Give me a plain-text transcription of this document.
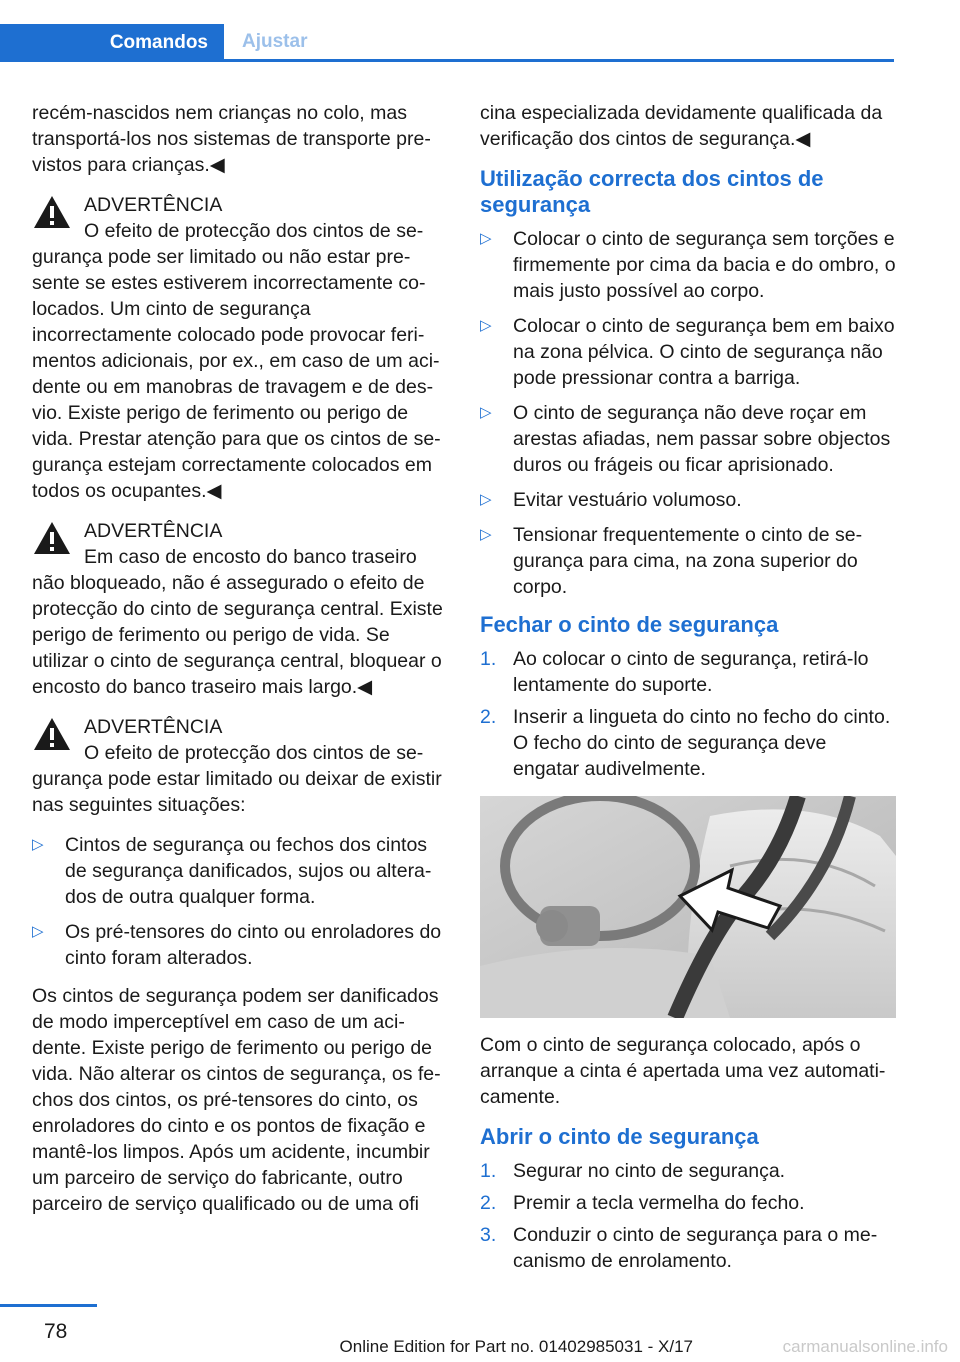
Comandos	Ajustar

recém-nascidos nem crianças no colo, mas transportá-los nos sistemas de transporte previstos para crianças.◀

ADVERTÊNCIA
O efeito de protecção dos cintos de segurança pode ser limitado ou não estar presente se estes estiverem incorrectamente colocados. Um cinto de segurança incorrectamente colocado pode provocar ferimentos adicionais, por ex., em caso de um acidente ou em manobras de travagem e de desvio. Existe perigo de ferimento ou perigo de vida. Prestar atenção para que os cintos de segurança estejam correctamente colocados em todos os ocupantes.◀
ADVERTÊNCIA
Em caso de encosto do banco traseiro não bloqueado, não é assegurado o efeito de protecção do cinto de segurança central. Existe perigo de ferimento ou perigo de vida. Se utilizar o cinto de segurança central, bloquear o encosto do banco traseiro mais largo.◀
ADVERTÊNCIA
O efeito de protecção dos cintos de segurança pode estar limitado ou deixar de existir nas seguintes situações:
▷ Cintos de segurança ou fechos dos cintos de segurança danificados, sujos ou alterados de outra qualquer forma.
▷ Os pré-tensores do cinto ou enroladores do cinto foram alterados.

Os cintos de segurança podem ser danificados de modo imperceptível em caso de um acidente. Existe perigo de ferimento ou perigo de vida. Não alterar os cintos de segurança, os fechos dos cintos, os pré-tensores do cinto, os enroladores do cinto e os pontos de fixação e mantê-los limpos. Após um acidente, incumbir um parceiro de serviço do fabricante, outro parceiro de serviço qualificado ou de uma ofi

cina especializada devidamente qualificada da verificação dos cintos de segurança.◀

Utilização correcta dos cintos de segurança
▷ Colocar o cinto de segurança sem torções e firmemente por cima da bacia e do ombro, o mais justo possível ao corpo.
▷ Colocar o cinto de segurança bem em baixo na zona pélvica. O cinto de segurança não pode pressionar contra a barriga.
▷ O cinto de segurança não deve roçar em arestas afiadas, nem passar sobre objectos duros ou frágeis ou ficar aprisionado.
▷ Evitar vestuário volumoso.
▷ Tensionar frequentemente o cinto de segurança para cima, na zona superior do corpo.
Fechar o cinto de segurança
1. Ao colocar o cinto de segurança, retirá-lo lentamente do suporte.
2. Inserir a lingueta do cinto no fecho do cinto. O fecho do cinto de segurança deve engatar audivelmente.

Com o cinto de segurança colocado, após o arranque a cinta é apertada uma vez automaticamente.

Abrir o cinto de segurança
1. Segurar no cinto de segurança.
2. Premir a tecla vermelha do fecho.
3. Conduzir o cinto de segurança para o mecanismo de enrolamento.
78
Online Edition for Part no. 01402985031 - X/17	carmanualsonline.info
